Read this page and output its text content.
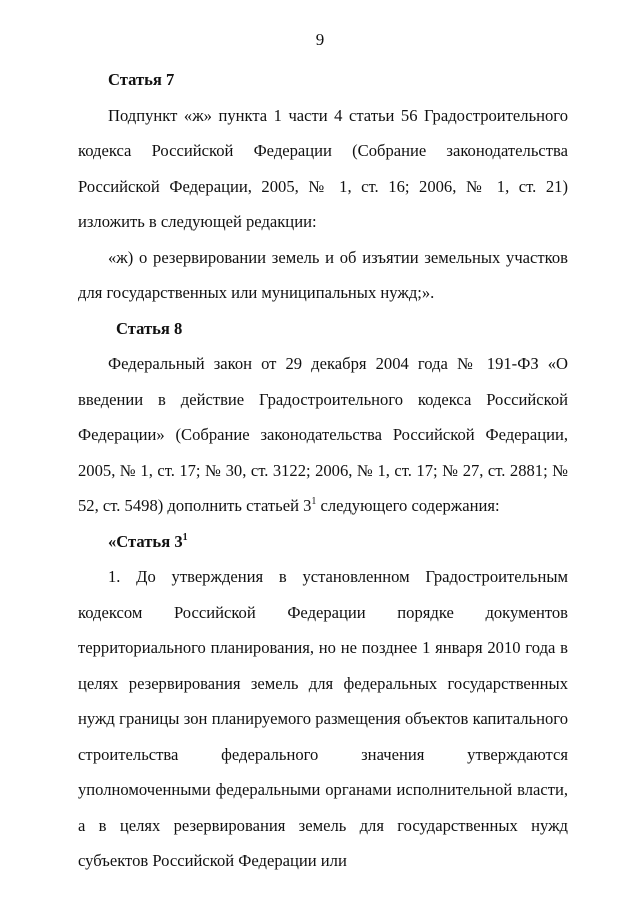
9
Статья 7

Подпункт «ж» пункта 1 части 4 статьи 56 Градостроительного кодекса Российской Федерации (Собрание законодательства Российской Федерации, 2005, № 1, ст. 16; 2006, № 1, ст. 21) изложить в следующей редакции:

«ж) о резервировании земель и об изъятии земельных участков для государственных или муниципальных нужд;».

Статья 8

Федеральный закон от 29 декабря 2004 года № 191-ФЗ «О введении в действие Градостроительного кодекса Российской Федерации» (Собрание законодательства Российской Федерации, 2005, № 1, ст. 17; № 30, ст. 3122; 2006, № 1, ст. 17; № 27, ст. 2881; № 52, ст. 5498) дополнить статьей $3^1$ следующего содержания:

«Статья $3^1$

1. До утверждения в установленном Градостроительным кодексом Российской Федерации порядке документов территориального планирования, но не позднее 1 января 2010 года в целях резервирования земель для федеральных государственных нужд границы зон планируемого размещения объектов капитального строительства федерального значения утверждаются уполномоченными федеральными органами исполнительной власти, а в целях резервирования земель для государственных нужд субъектов Российской Федерации или
